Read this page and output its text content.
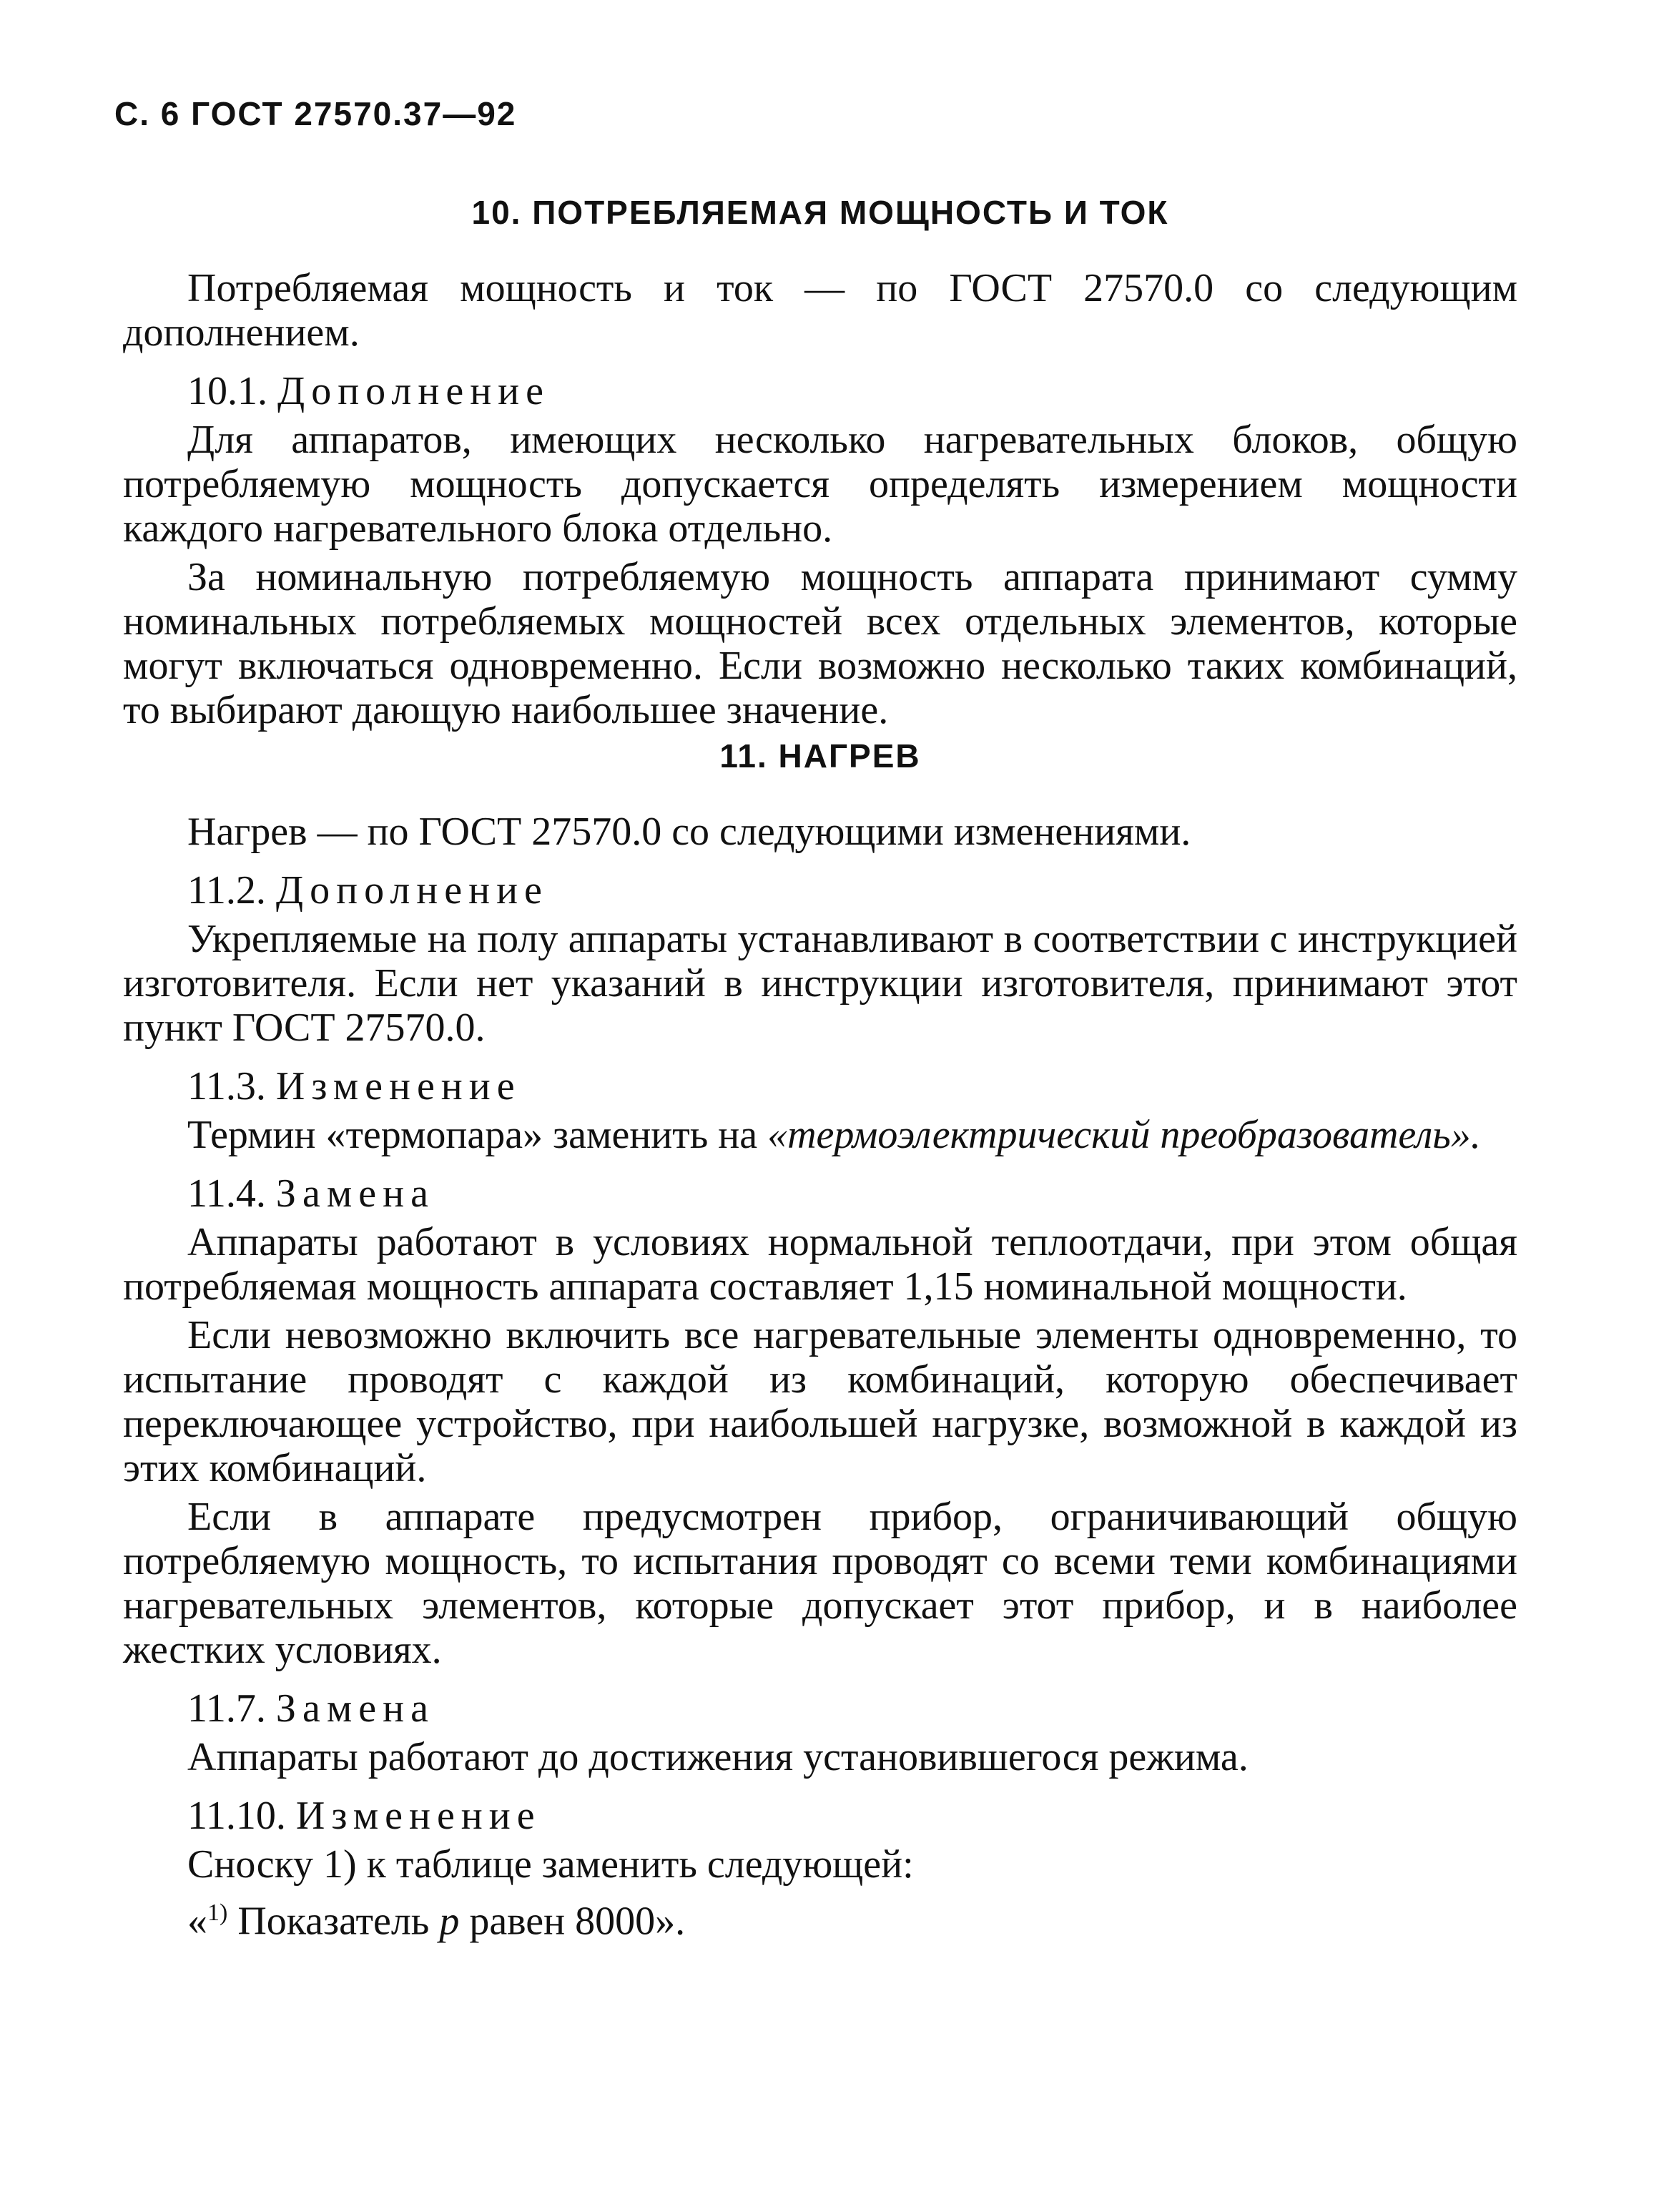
С. 6 ГОСТ 27570.37—92
10. ПОТРЕБЛЯЕМАЯ МОЩНОСТЬ И ТОК

Потребляемая мощность и ток — по ГОСТ 27570.0 со следующим дополнением.

10.1. Дополнение

Для аппаратов, имеющих несколько нагревательных блоков, общую потребляемую мощность допускается определять измерением мощности каждого нагревательного блока отдельно.

За номинальную потребляемую мощность аппарата принимают сумму номинальных потребляемых мощностей всех отдельных элементов, которые могут включаться одновременно. Если возможно несколько таких комбинаций, то выбирают дающую наибольшее значение.

11. НАГРЕВ

Нагрев — по ГОСТ 27570.0 со следующими изменениями.

11.2. Дополнение

Укрепляемые на полу аппараты устанавливают в соответствии с инструкцией изготовителя. Если нет указаний в инструкции изготовителя, принимают этот пункт ГОСТ 27570.0.

11.3. Изменение

Термин «термопара» заменить на «термоэлектрический преобразователь».

11.4. Замена

Аппараты работают в условиях нормальной теплоотдачи, при этом общая потребляемая мощность аппарата составляет 1,15 номинальной мощности.

Если невозможно включить все нагревательные элементы одновременно, то испытание проводят с каждой из комбинаций, которую обеспечивает переключающее устройство, при наибольшей нагрузке, возможной в каждой из этих комбинаций.

Если в аппарате предусмотрен прибор, ограничивающий общую потребляемую мощность, то испытания проводят со всеми теми комбинациями нагревательных элементов, которые допускает этот прибор, и в наиболее жестких условиях.

11.7. Замена

Аппараты работают до достижения установившегося режима.

11.10. Изменение

Сноску 1) к таблице заменить следующей:

«$^{1)}$ Показатель p равен 8000».
